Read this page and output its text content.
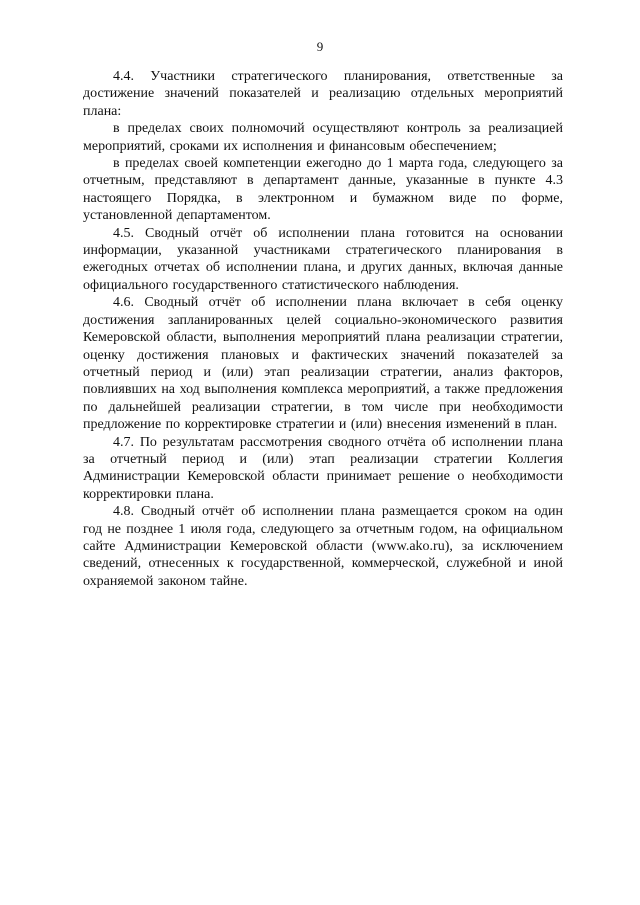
9

4.4. Участники стратегического планирования, ответственные за достижение значений показателей и реализацию отдельных мероприятий плана:

в пределах своих полномочий осуществляют контроль за реализацией мероприятий, сроками их исполнения и финансовым обеспечением;

в пределах своей компетенции ежегодно до 1 марта года, следующего за отчетным, представляют в департамент данные, указанные в пункте 4.3 настоящего Порядка, в электронном и бумажном виде по форме, установленной департаментом.

4.5. Сводный отчёт об исполнении плана готовится на основании информации, указанной участниками стратегического планирования в ежегодных отчетах об исполнении плана, и других данных, включая данные официального государственного статистического наблюдения.

4.6. Сводный отчёт об исполнении плана включает в себя оценку достижения запланированных целей социально-экономического развития Кемеровской области, выполнения мероприятий плана реализации стратегии, оценку достижения плановых и фактических значений показателей за отчетный период и (или) этап реализации стратегии, анализ факторов, повлиявших на ход выполнения комплекса мероприятий, а также предложения по дальнейшей реализации стратегии, в том числе при необходимости предложение по корректировке стратегии и (или) внесения изменений в план.

4.7. По результатам рассмотрения сводного отчёта об исполнении плана за отчетный период и (или) этап реализации стратегии Коллегия Администрации Кемеровской области принимает решение о необходимости корректировки плана.

4.8. Сводный отчёт об исполнении плана размещается сроком на один год не позднее 1 июля года, следующего за отчетным годом, на официальном сайте Администрации Кемеровской области (www.ako.ru), за исключением сведений, отнесенных к государственной, коммерческой, служебной и иной охраняемой законом тайне.
